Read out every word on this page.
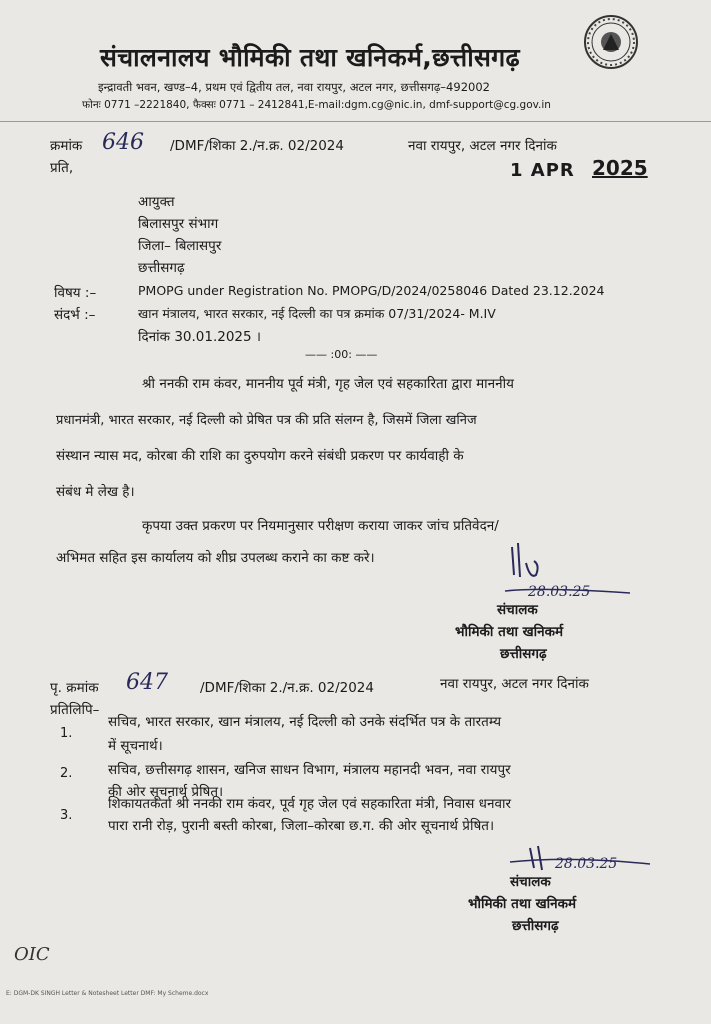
संचालनालय भौमिकी तथा खनिकर्म,छत्तीसगढ़
इन्द्रावती भवन, खण्ड–4, प्रथम एवं द्वितीय तल, नवा रायपुर, अटल नगर, छत्तीसगढ़–492002
फोनः 0771 –2221840, फैक्सः 0771 – 2412841,E-mail:dgm.cg@nic.in, dmf-support@cg.gov.in
क्रमांक 646 /DMF/शिका 2./न.क्र. 02/2024	नवा रायपुर, अटल नगर दिनांक
प्रति,	1 APR 2025
आयुक्त
बिलासपुर संभाग
जिला– बिलासपुर
छत्तीसगढ़
विषय :–	PMOPG under Registration No. PMOPG/D/2024/0258046 Dated 23.12.2024
संदर्भ :–	खान मंत्रालय, भारत सरकार, नई दिल्ली का पत्र क्रमांक 07/31/2024- M.IV
दिनांक 30.01.2025 ।
—— :00: ——
श्री ननकी राम कंवर, माननीय पूर्व मंत्री, गृह जेल एवं सहकारिता द्वारा माननीय
प्रधानमंत्री, भारत सरकार, नई दिल्ली को प्रेषित पत्र की प्रति संलग्न है, जिसमें जिला खनिज
संस्थान न्यास मद, कोरबा की राशि का दुरुपयोग करने संबंधी प्रकरण पर कार्यवाही के
संबंध मे लेख है।
कृपया उक्त प्रकरण पर नियमानुसार परीक्षण कराया जाकर जांच प्रतिवेदन/
अभिमत सहित इस कार्यालय को शीघ्र उपलब्ध कराने का कष्ट करे।
28.03.25
संचालक
भौमिकी तथा खनिकर्म
छत्तीसगढ़
पृ. क्रमांक 647 /DMF/शिका 2./न.क्र. 02/2024	नवा रायपुर, अटल नगर दिनांक
प्रतिलिपि–
1.
सचिव, भारत सरकार, खान मंत्रालय, नई दिल्ली को उनके संदर्भित पत्र के तारतम्य
में सूचनार्थ।
2.	सचिव, छत्तीसगढ़ शासन, खनिज साधन विभाग, मंत्रालय महानदी भवन, नवा रायपुर
की ओर सूचनार्थ प्रेषित।
3.
शिकायतकर्ता श्री ननकी राम कंवर, पूर्व गृह जेल एवं सहकारिता मंत्री, निवास धनवार
पारा रानी रोड़, पुरानी बस्ती कोरबा, जिला–कोरबा छ.ग. की ओर सूचनार्थ प्रेषित।
28.03.25
संचालक
भौमिकी तथा खनिकर्म
छत्तीसगढ़
OIC
E: DGM-DK SINGH Letter & Notesheet Letter DMF: My Scheme.docx
